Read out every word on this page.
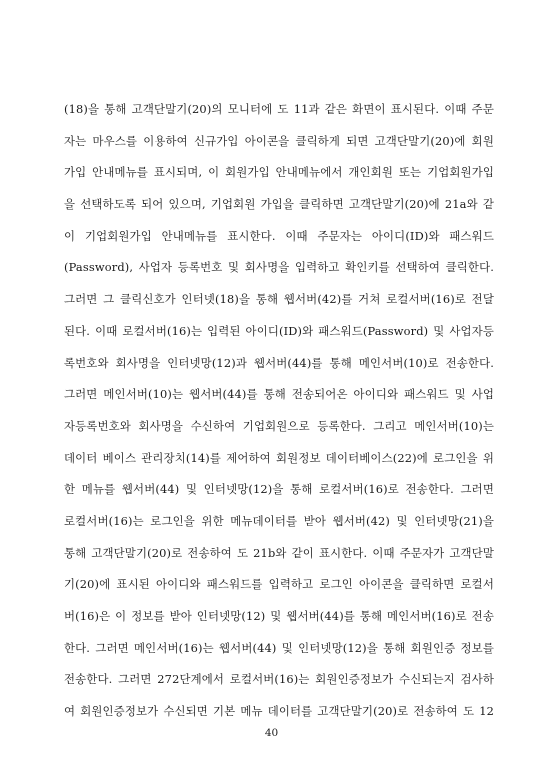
(18)을 통해 고객단말기(20)의 모니터에 도 11과 같은 화면이 표시된다. 이때 주문
자는 마우스를 이용하여 신규가입 아이콘을 클릭하게 되면 고객단말기(20)에 회원
가입 안내메뉴를 표시되며, 이 회원가입 안내메뉴에서 개인회원 또는 기업회원가입
을 선택하도록 되어 있으며, 기업회원 가입을 클릭하면 고객단말기(20)에 21a와 같
이 기업회원가입 안내메뉴를 표시한다. 이때 주문자는 아이디(ID)와 패스워드
(Password), 사업자 등록번호 및 회사명을 입력하고 확인키를 선택하여 클릭한다.
그러면 그 클릭신호가 인터넷(18)을 통해 웹서버(42)를 거쳐 로컬서버(16)로 전달
된다. 이때 로컬서버(16)는 입력된 아이디(ID)와 패스워드(Password) 및 사업자등
록번호와 회사명을 인터넷망(12)과 웹서버(44)를 통해 메인서버(10)로 전송한다.
그러면 메인서버(10)는 웹서버(44)를 통해 전송되어온 아이디와 패스워드 및 사업
자등록번호와 회사명을 수신하여 기업회원으로 등록한다. 그리고 메인서버(10)는
데이터 베이스 관리장치(14)를 제어하여 회원정보 데이터베이스(22)에 로그인을 위
한 메뉴를 웹서버(44) 및 인터넷망(12)을 통해 로컬서버(16)로 전송한다. 그러면
로컬서버(16)는 로그인을 위한 메뉴데이터를 받아 웹서버(42) 및 인터넷망(21)을
통해 고객단말기(20)로 전송하여 도 21b와 같이 표시한다. 이때 주문자가 고객단말
기(20)에 표시된 아이디와 패스워드를 입력하고 로그인 아이콘을 클릭하면 로컬서
버(16)은 이 정보를 받아 인터넷망(12) 및 웹서버(44)를 통해 메인서버(16)로 전송
한다. 그러면 메인서버(16)는 웹서버(44) 및 인터넷망(12)을 통해 회원인증 정보를
전송한다. 그러면 272단계에서 로컬서버(16)는 회원인증정보가 수신되는지 검사하
여 회원인증정보가 수신되면 기본 메뉴 데이터를 고객단말기(20)로 전송하여 도 12
40
